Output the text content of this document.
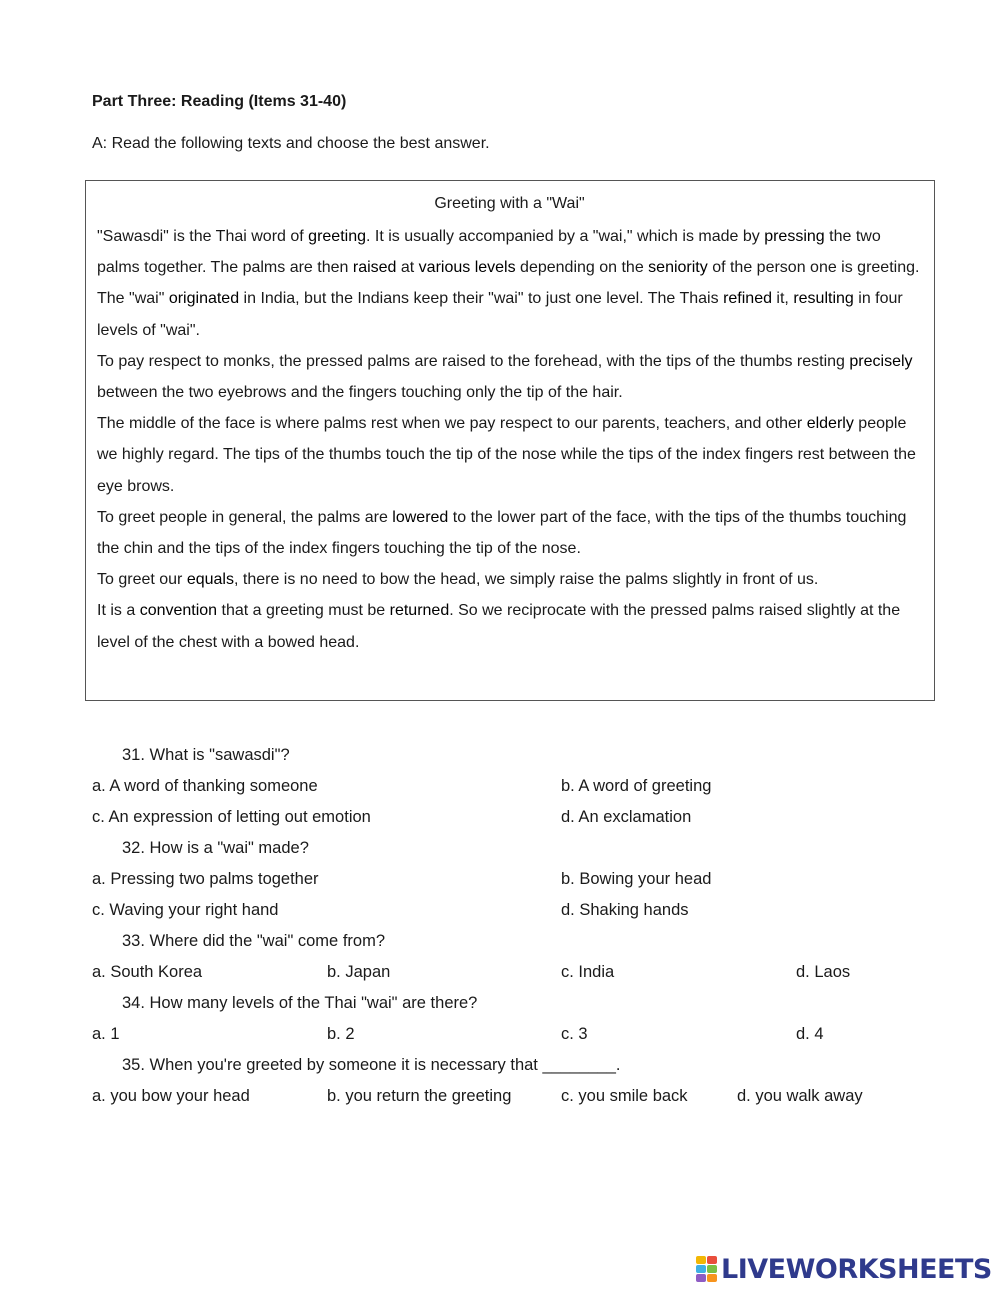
Part Three: Reading (Items 31-40)
A: Read the following texts and choose the best answer.
Greeting with a "Wai"

"Sawasdi" is the Thai word of greeting. It is usually accompanied by a "wai," which is made by pressing the two palms together. The palms are then raised at various levels depending on the seniority of the person one is greeting.

The "wai" originated in India, but the Indians keep their "wai" to just one level. The Thais refined it, resulting in four levels of "wai".

To pay respect to monks, the pressed palms are raised to the forehead, with the tips of the thumbs resting precisely between the two eyebrows and the fingers touching only the tip of the hair.

The middle of the face is where palms rest when we pay respect to our parents, teachers, and other elderly people we highly regard. The tips of the thumbs touch the tip of the nose while the tips of the index fingers rest between the eye brows.

To greet people in general, the palms are lowered to the lower part of the face, with the tips of the thumbs touching the chin and the tips of the index fingers touching the tip of the nose.

To greet our equals, there is no need to bow the head, we simply raise the palms slightly in front of us.

It is a convention that a greeting must be returned. So we reciprocate with the pressed palms raised slightly at the level of the chest with a bowed head.

31. What is "sawasdi"?
a. A word of thanking someone	b. A word of greeting
c. An expression of letting out emotion	d. An exclamation
32. How is a "wai" made?
a. Pressing two palms together	b. Bowing your head
c. Waving your right hand	d. Shaking hands
33. Where did the "wai" come from?
a. South Korea	b. Japan	c. India	d. Laos
34. How many levels of the Thai "wai" are there?
a. 1	b. 2	c. 3	d. 4
35. When you're greeted by someone it is necessary that ________.
a. you bow your head	b. you return the greeting	c. you smile back	d. you walk away
LIVEWORKSHEETS
